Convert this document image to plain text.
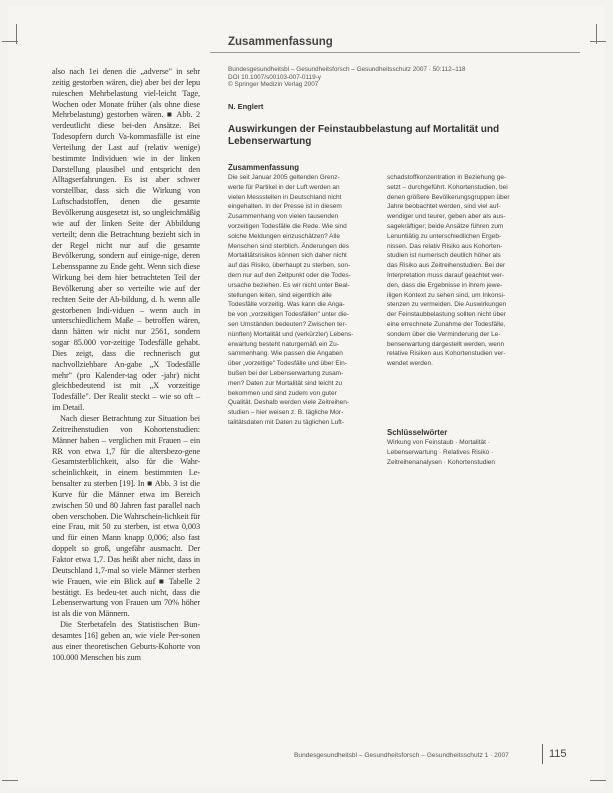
Zusammenfassung

also nach 1ei denen die „adverse" in sehr zeitig gestorben wären, die) aber bei der lepu ruieschen Mehrbelastung viel-leicht Tage, Wochen oder Monate früher (als ohne diese Mehrbelastung) gestorben wären. ■ Abb. 2 verdeutlicht diese bei-den Ansätze. Bei Todesopfern durch Va-kommasfälle ist eine Verteilung der Last auf (relativ wenige) bestimmte Individuen wie in der linken Darstellung plausibel und entspricht den Alltagserfahrungen. Es ist aber schwer vorstellbar, dass sich die Wirkung von Luftschadstoffen, denen die gesamte Bevölkerung ausgesetzt ist, so ungleichmäßig wie auf der linken Seite der Abbildung verteilt; denn die Betrachtung bezieht sich in der Regel nicht nur auf die gesamte Bevölkerung, sondern auf einige-nige, deren Lebensspanne zu Ende geht. Wenn sich diese Wirkung bei dem hier betrachteten Teil der Bevölkerung aber so verteilte wie auf der rechten Seite der Ab-bildung, d. h. wenn alle gestorbenen Indi-viduen – wenn auch in unterschiedlichem Maße – betroffen wären, dann hätten wir nicht nur 2561, sondern sogar 85.000 vor-zeitige Todesfälle gehabt. Dies zeigt, dass die rechnerisch gut nachvollziehbare An-gabe „X Todesfälle mehr" (pro Kalender-tag oder -jahr) nicht gleichbedeutend ist mit „X vorzeitige Todesfälle". Der Realit steckt – wie so oft – im Detail.

Nach dieser Betrachtung zur Situation bei Zeitreihenstudien von Kohortenstudien: Männer haben – verglichen mit Frauen – ein RR von etwa 1,7 für die altersbezo-gene Gesamtsterblichkeit, also für die Wahr-scheinlichkeit, in einem bestimmten Le-bensalter zu sterben [19]. In ■ Abb. 3 ist die Kurve für die Männer etwa im Bereich zwischen 50 und 80 Jahren fast parallel nach oben verschoben. Die Wahrschein-lichkeit für eine Frau, mit 50 zu sterben, ist etwa 0,003 und für einen Mann knapp 0,006; also fast doppelt so groß, ungefähr ausmacht. Der Faktor etwa 1,7. Das heißt aber nicht, dass in Deutschland 1,7-mal so viele Männer sterben wie Frauen, wie ein Blick auf ■ Tabelle 2 bestätigt. Es bedeu-tet auch nicht, dass die Lebenserwartung von Frauen um 70% höher ist als die von Männern.

Die Sterbetafeln des Statistischen Bun-desamtes [16] geben an, wie viele Per-sonen aus einer theoretischen Geburts-Kohorte von 100.000 Menschen bis zum

Bundesgesundheitsbl – Gesundheitsforsch – Gesundheitsschutz 2007 · 50:112–118
DOI 10.1007/s00103-007-0119-y
© Springer Medizin Verlag 2007
N. Englert
Auswirkungen der Feinstaubbelastung auf Mortalität und Lebenserwartung
Zusammenfassung
Die seit Januar 2005 geltenden Grenz-
werte für Partikel in der Luft werden an
vielen Messstellen in Deutschland nicht
eingehalten. In der Presse ist in diesem
Zusammenhang von vielen tausenden
vorzeitigen Todesfälle die Rede. Wie sind
solche Meldungen einzuschätzen? Alle
Menschen sind sterblich. Änderungen des
Mortalitätsrisikos können sich daher nicht
auf das Risiko, überhaupt zu sterben, son-
dern nur auf den Zeitpunkt oder die Todes-
ursache beziehen. Es wir nicht unter Beal-
stellungen leiten, sind eigentlich alle
Todesfälle vorzeitig. Was kann die Anga-
be von „vorzeitigen Todesfällen" unter die-
sen Umständen bedeuten? Zwischen ter-
nünften) Mortalität und (verkürzter) Lebens-
erwartung besteht naturgemäß ein Zu-
sammenhang. Wie passen die Angaben
über „vorzeitige" Todesfälle und über Ein-
bußen bei der Lebenserwartung zusam-
men? Daten zur Mortalität sind leicht zu
bekommen und sind zudem von guter
Qualität. Deshalb werden viele Zeitreihen-
studien – hier weisen z. B. tägliche Mor-
talitätsdaten mit Daten zu täglichen Luft-
schadstoffkonzentration in Beziehung ge-
setzt – durchgeführt. Kohortenstudien, bei
denen größere Bevölkerungsgruppen über
Jahre beobachtet werden, sind viel auf-
wendiger und teurer, geben aber als aus-
sagekräftiger; beide Ansätze führen zum
Lenuntiätig zu unterschiedlichen Ergeb-
nissen. Das relativ Risiko aus Kohorten-
studien ist numerisch deutlich höher als
das Risiko aus Zeitreihenstudien. Bei der
Interpretation muss darauf geachtet wer-
den, dass die Ergebnisse in ihrem jewe-
iligen Kontext zu sehen sind, um Inkonsi-
stenzen zu vermeiden. Die Auswirkungen
der Feinstaubbelastung sollten nicht über
eine errechnete Zunahme der Todesfälle,
sondern über die Verminderung der Le-
benserwartung dargestellt werden, wenn
relative Risiken aus Kohortenstudien ver-
wendet werden.
Schlüsselwörter
Wirkung von Feinstaub · Mortalität ·
Lebenserwartung · Relatives Risiko ·
Zeitreihenanalysen · Kohortenstudien
Bundesgesundheitsbl – Gesundheitsforsch – Gesundheitsschutz 1 · 2007	115
